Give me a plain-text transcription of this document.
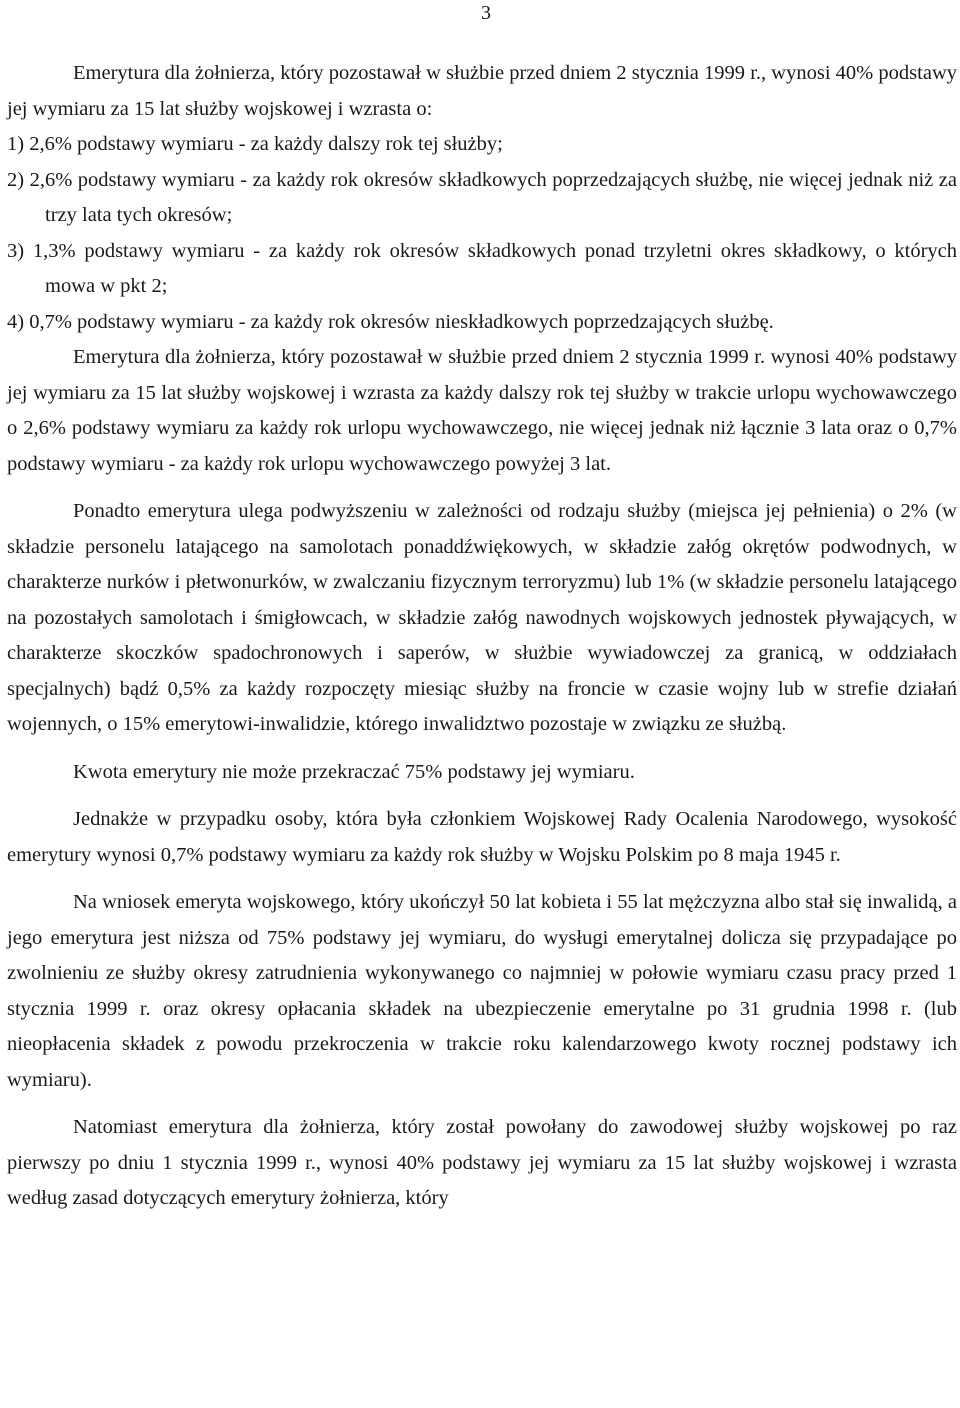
3

Emerytura dla żołnierza, który pozostawał w służbie przed dniem 2 stycznia 1999 r., wynosi 40% podstawy jej wymiaru za 15 lat służby wojskowej i wzrasta o:

1) 2,6% podstawy wymiaru - za każdy dalszy rok tej służby;

2) 2,6% podstawy wymiaru - za każdy rok okresów składkowych poprzedzających służbę, nie więcej jednak niż za trzy lata tych okresów;

3) 1,3% podstawy wymiaru - za każdy rok okresów składkowych ponad trzyletni okres składkowy, o których mowa w pkt 2;

4) 0,7% podstawy wymiaru - za każdy rok okresów nieskładkowych poprzedzających służbę.

Emerytura dla żołnierza, który pozostawał w służbie przed dniem 2 stycznia 1999 r. wynosi 40% podstawy jej wymiaru za 15 lat służby wojskowej i wzrasta za każdy dalszy rok tej służby w trakcie urlopu wychowawczego o 2,6% podstawy wymiaru za każdy rok urlopu wychowawczego, nie więcej jednak niż łącznie 3 lata oraz o 0,7% podstawy wymiaru - za każdy rok urlopu wychowawczego powyżej 3 lat.

Ponadto emerytura ulega podwyższeniu w zależności od rodzaju służby (miejsca jej pełnienia) o 2% (w składzie personelu latającego na samolotach ponaddźwiękowych, w składzie załóg okrętów podwodnych, w charakterze nurków i płetwonurków, w zwalczaniu fizycznym terroryzmu) lub 1% (w składzie personelu latającego na pozostałych samolotach i śmigłowcach, w składzie załóg nawodnych wojskowych jednostek pływających, w charakterze skoczków spadochronowych i saperów, w służbie wywiadowczej za granicą, w oddziałach specjalnych) bądź 0,5% za każdy rozpoczęty miesiąc służby na froncie w czasie wojny lub w strefie działań wojennych, o 15% emerytowi-inwalidzie, którego inwalidztwo pozostaje w związku ze służbą.

Kwota emerytury nie może przekraczać 75% podstawy jej wymiaru.

Jednakże w przypadku osoby, która była członkiem Wojskowej Rady Ocalenia Narodowego, wysokość emerytury wynosi 0,7% podstawy wymiaru za każdy rok służby w Wojsku Polskim po 8 maja 1945 r.

Na wniosek emeryta wojskowego, który ukończył 50 lat kobieta i 55 lat mężczyzna albo stał się inwalidą, a jego emerytura jest niższa od 75% podstawy jej wymiaru, do wysługi emerytalnej dolicza się przypadające po zwolnieniu ze służby okresy zatrudnienia wykonywanego co najmniej w połowie wymiaru czasu pracy przed 1 stycznia 1999 r. oraz okresy opłacania składek na ubezpieczenie emerytalne po 31 grudnia 1998 r. (lub nieopłacenia składek z powodu przekroczenia w trakcie roku kalendarzowego kwoty rocznej podstawy ich wymiaru).

Natomiast emerytura dla żołnierza, który został powołany do zawodowej służby wojskowej po raz pierwszy po dniu 1 stycznia 1999 r., wynosi 40% podstawy jej wymiaru za 15 lat służby wojskowej i wzrasta według zasad dotyczących emerytury żołnierza, który
